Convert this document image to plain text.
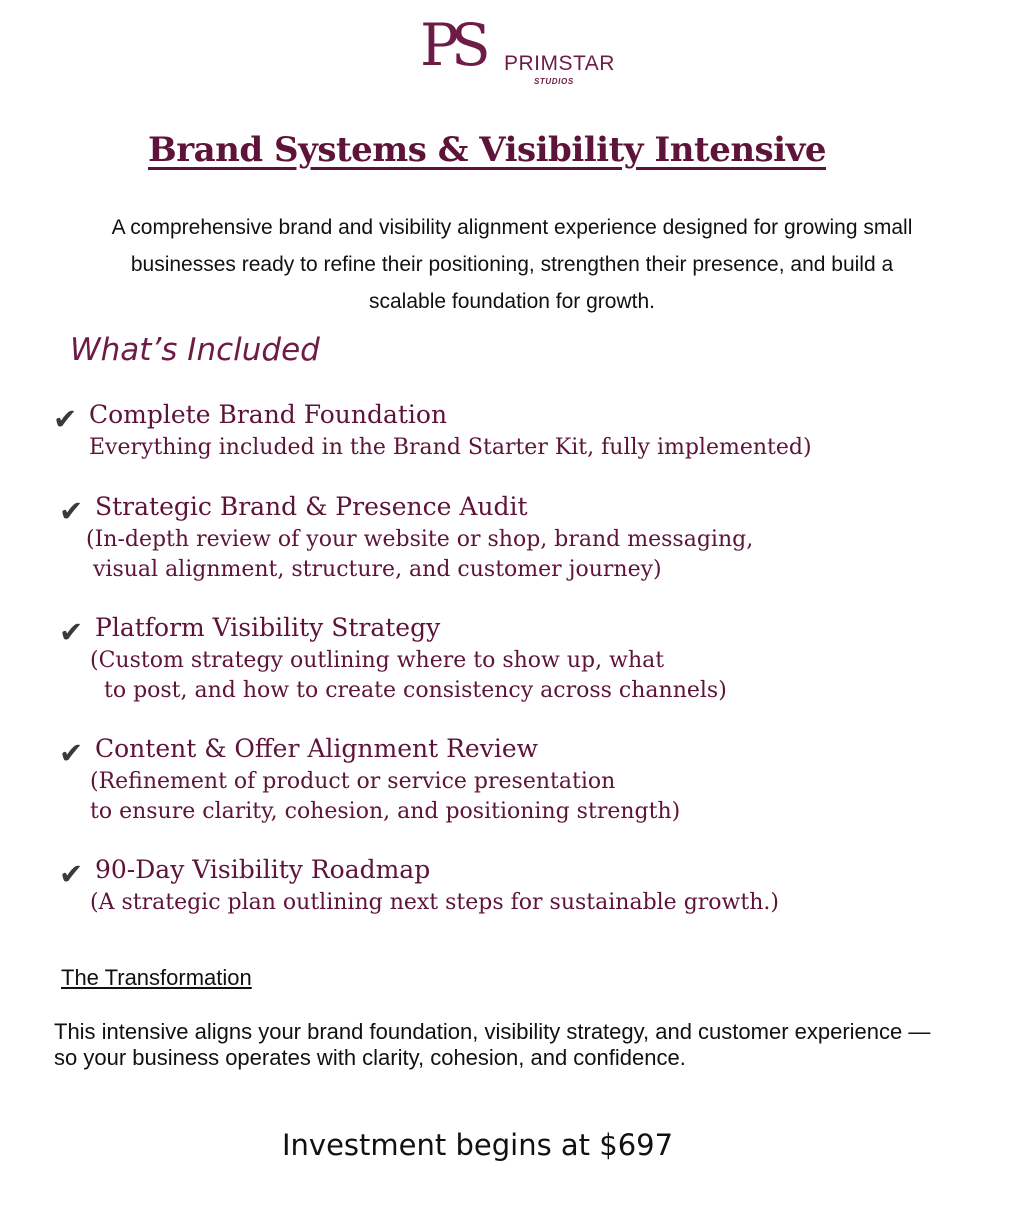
PS PRIMSTAR
STUDIOS
Brand Systems & Visibility Intensive

A comprehensive brand and visibility alignment experience designed for growing small
businesses ready to refine their positioning, strengthen their presence, and build a
scalable foundation for growth.

What’s Included
✔ Complete Brand Foundation
Everything included in the Brand Starter Kit, fully implemented)
✔ Strategic Brand & Presence Audit
(In-depth review of your website or shop, brand messaging,
visual alignment, structure, and customer journey)
✔ Platform Visibility Strategy
(Custom strategy outlining where to show up, what
to post, and how to create consistency across channels)
✔ Content & Offer Alignment Review
(Refinement of product or service presentation
to ensure clarity, cohesion, and positioning strength)
✔ 90-Day Visibility Roadmap
(A strategic plan outlining next steps for sustainable growth.)
The Transformation

This intensive aligns your brand foundation, visibility strategy, and customer experience — so your business operates with clarity, cohesion, and confidence.

Investment begins at $697
